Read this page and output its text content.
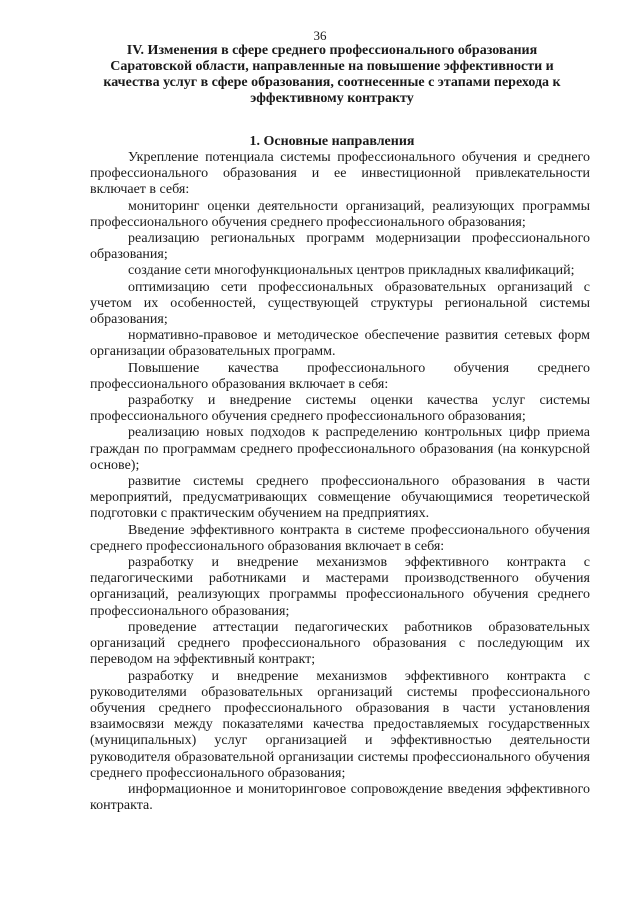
36
IV. Изменения в сфере среднего профессионального образования Саратовской области, направленные на повышение эффективности и качества услуг в сфере образования, соотнесенные с этапами перехода к эффективному контракту
1. Основные направления

Укрепление потенциала системы профессионального обучения и среднего профессионального образования и ее инвестиционной привлекательности включает в себя:

мониторинг оценки деятельности организаций, реализующих программы профессионального обучения среднего профессионального образования;

реализацию региональных программ модернизации профессионального образования;

создание сети многофункциональных центров прикладных квалификаций;

оптимизацию сети профессиональных образовательных организаций с учетом их особенностей, существующей структуры региональной системы образования;

нормативно-правовое и методическое обеспечение развития сетевых форм организации образовательных программ.

Повышение качества профессионального обучения среднего профессионального образования включает в себя:

разработку и внедрение системы оценки качества услуг системы профессионального обучения среднего профессионального образования;

реализацию новых подходов к распределению контрольных цифр приема граждан по программам среднего профессионального образования (на конкурсной основе);

развитие системы среднего профессионального образования в части мероприятий, предусматривающих совмещение обучающимися теоретической подготовки с практическим обучением на предприятиях.

Введение эффективного контракта в системе профессионального обучения среднего профессионального образования включает в себя:

разработку и внедрение механизмов эффективного контракта с педагогическими работниками и мастерами производственного обучения организаций, реализующих программы профессионального обучения среднего профессионального образования;

проведение аттестации педагогических работников образовательных организаций среднего профессионального образования с последующим их переводом на эффективный контракт;

разработку и внедрение механизмов эффективного контракта с руководителями образовательных организаций системы профессионального обучения среднего профессионального образования в части установления взаимосвязи между показателями качества предоставляемых государственных (муниципальных) услуг организацией и эффективностью деятельности руководителя образовательной организации системы профессионального обучения среднего профессионального образования;

информационное и мониторинговое сопровождение введения эффективного контракта.
